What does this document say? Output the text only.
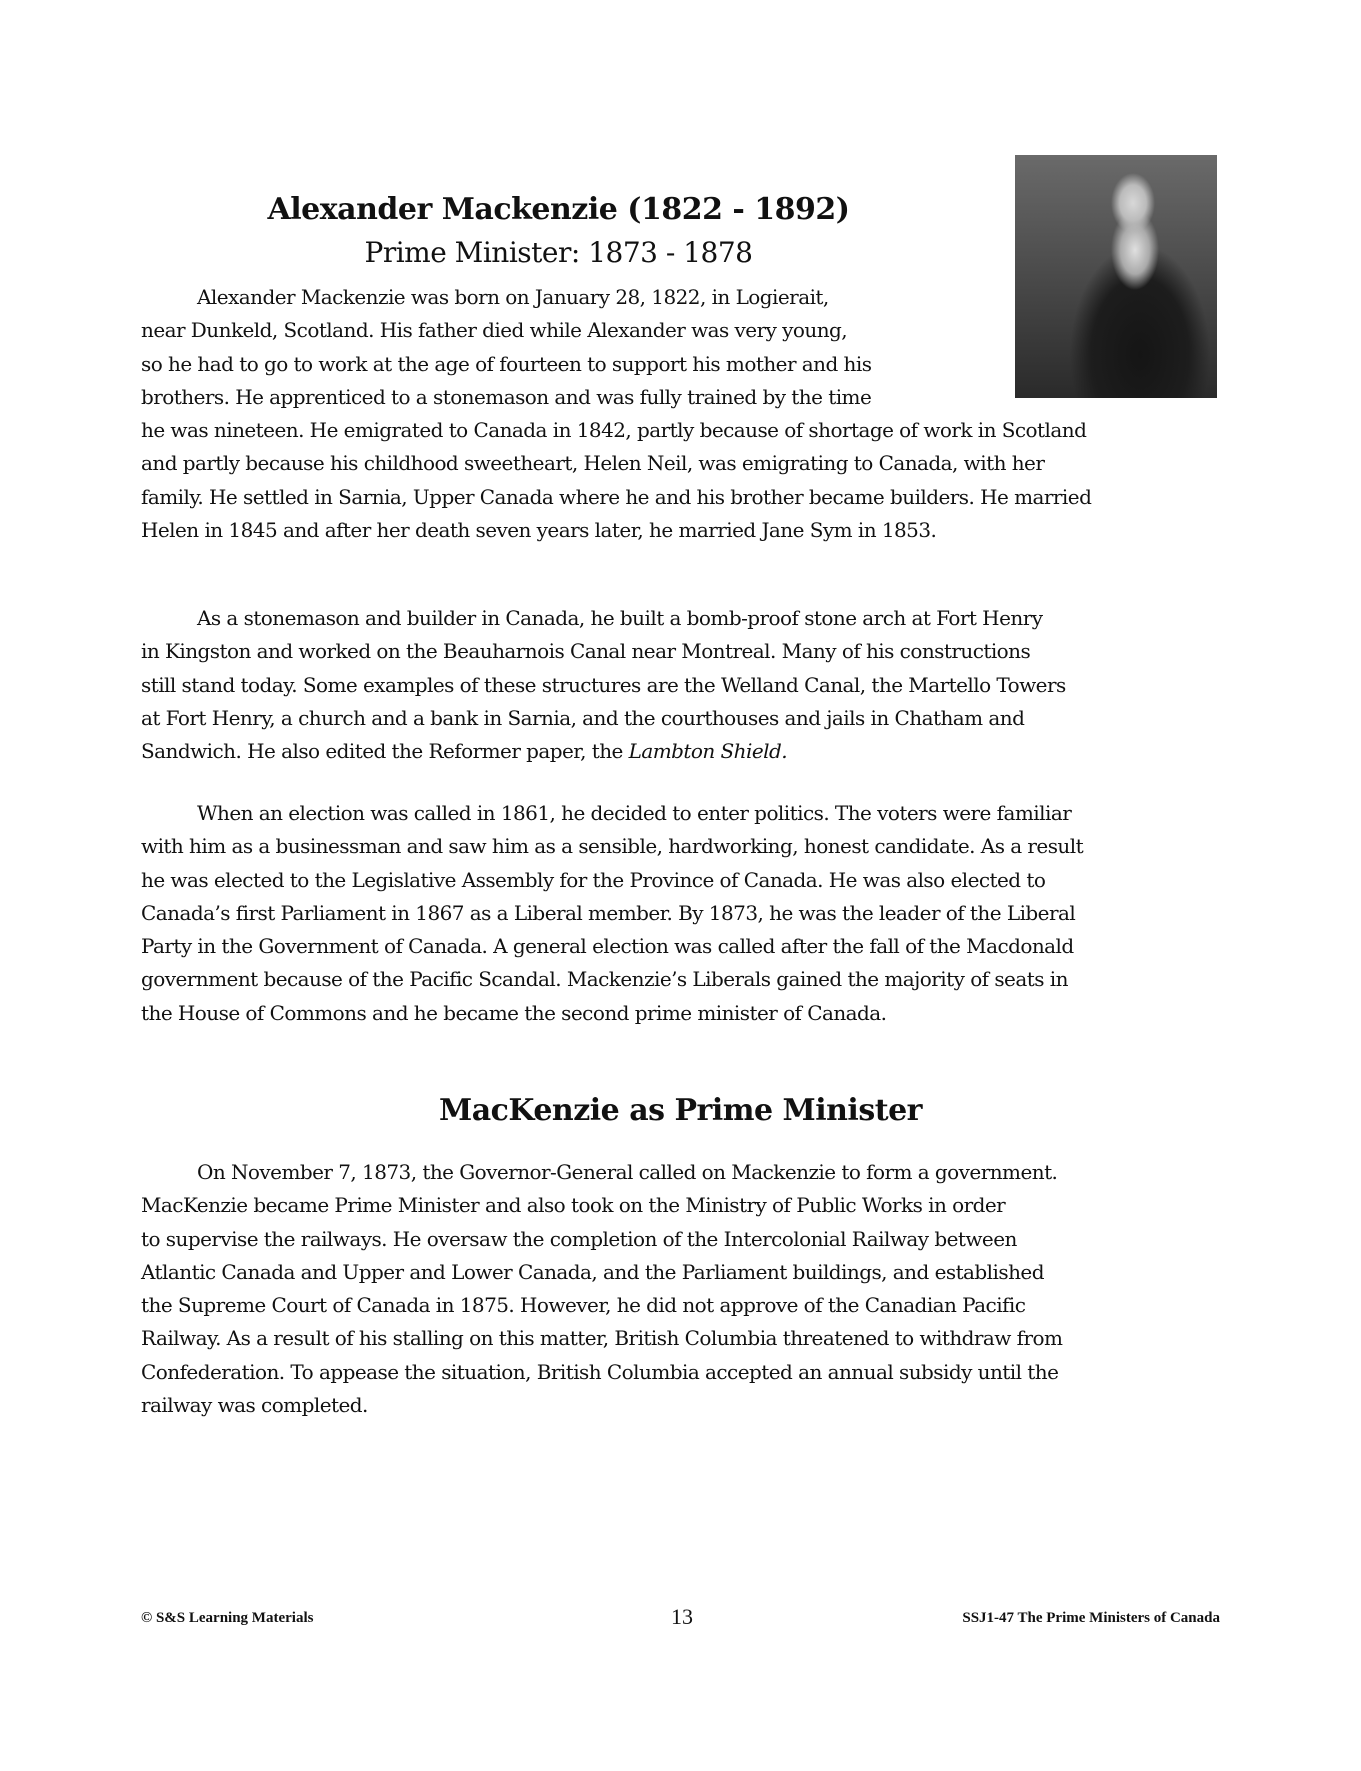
Alexander Mackenzie (1822 - 1892)
Prime Minister: 1873 - 1878
Alexander Mackenzie was born on January 28, 1822, in Logierait,
near Dunkeld, Scotland. His father died while Alexander was very young,
so he had to go to work at the age of fourteen to support his mother and his
brothers. He apprenticed to a stonemason and was fully trained by the time
he was nineteen. He emigrated to Canada in 1842, partly because of shortage of work in Scotland
and partly because his childhood sweetheart, Helen Neil, was emigrating to Canada, with her
family. He settled in Sarnia, Upper Canada where he and his brother became builders. He married
Helen in 1845 and after her death seven years later, he married Jane Sym in 1853.
As a stonemason and builder in Canada, he built a bomb-proof stone arch at Fort Henry
in Kingston and worked on the Beauharnois Canal near Montreal. Many of his constructions
still stand today. Some examples of these structures are the Welland Canal, the Martello Towers
at Fort Henry, a church and a bank in Sarnia, and the courthouses and jails in Chatham and
Sandwich. He also edited the Reformer paper, the Lambton Shield.
When an election was called in 1861, he decided to enter politics. The voters were familiar
with him as a businessman and saw him as a sensible, hardworking, honest candidate. As a result
he was elected to the Legislative Assembly for the Province of Canada. He was also elected to
Canada’s first Parliament in 1867 as a Liberal member. By 1873, he was the leader of the Liberal
Party in the Government of Canada. A general election was called after the fall of the Macdonald
government because of the Pacific Scandal. Mackenzie’s Liberals gained the majority of seats in
the House of Commons and he became the second prime minister of Canada.
MacKenzie as Prime Minister
On November 7, 1873, the Governor-General called on Mackenzie to form a government.
MacKenzie became Prime Minister and also took on the Ministry of Public Works in order
to supervise the railways. He oversaw the completion of the Intercolonial Railway between
Atlantic Canada and Upper and Lower Canada, and the Parliament buildings, and established
the Supreme Court of Canada in 1875. However, he did not approve of the Canadian Pacific
Railway. As a result of his stalling on this matter, British Columbia threatened to withdraw from
Confederation. To appease the situation, British Columbia accepted an annual subsidy until the
railway was completed.
© S&S Learning Materials	13	SSJ1-47 The Prime Ministers of Canada
